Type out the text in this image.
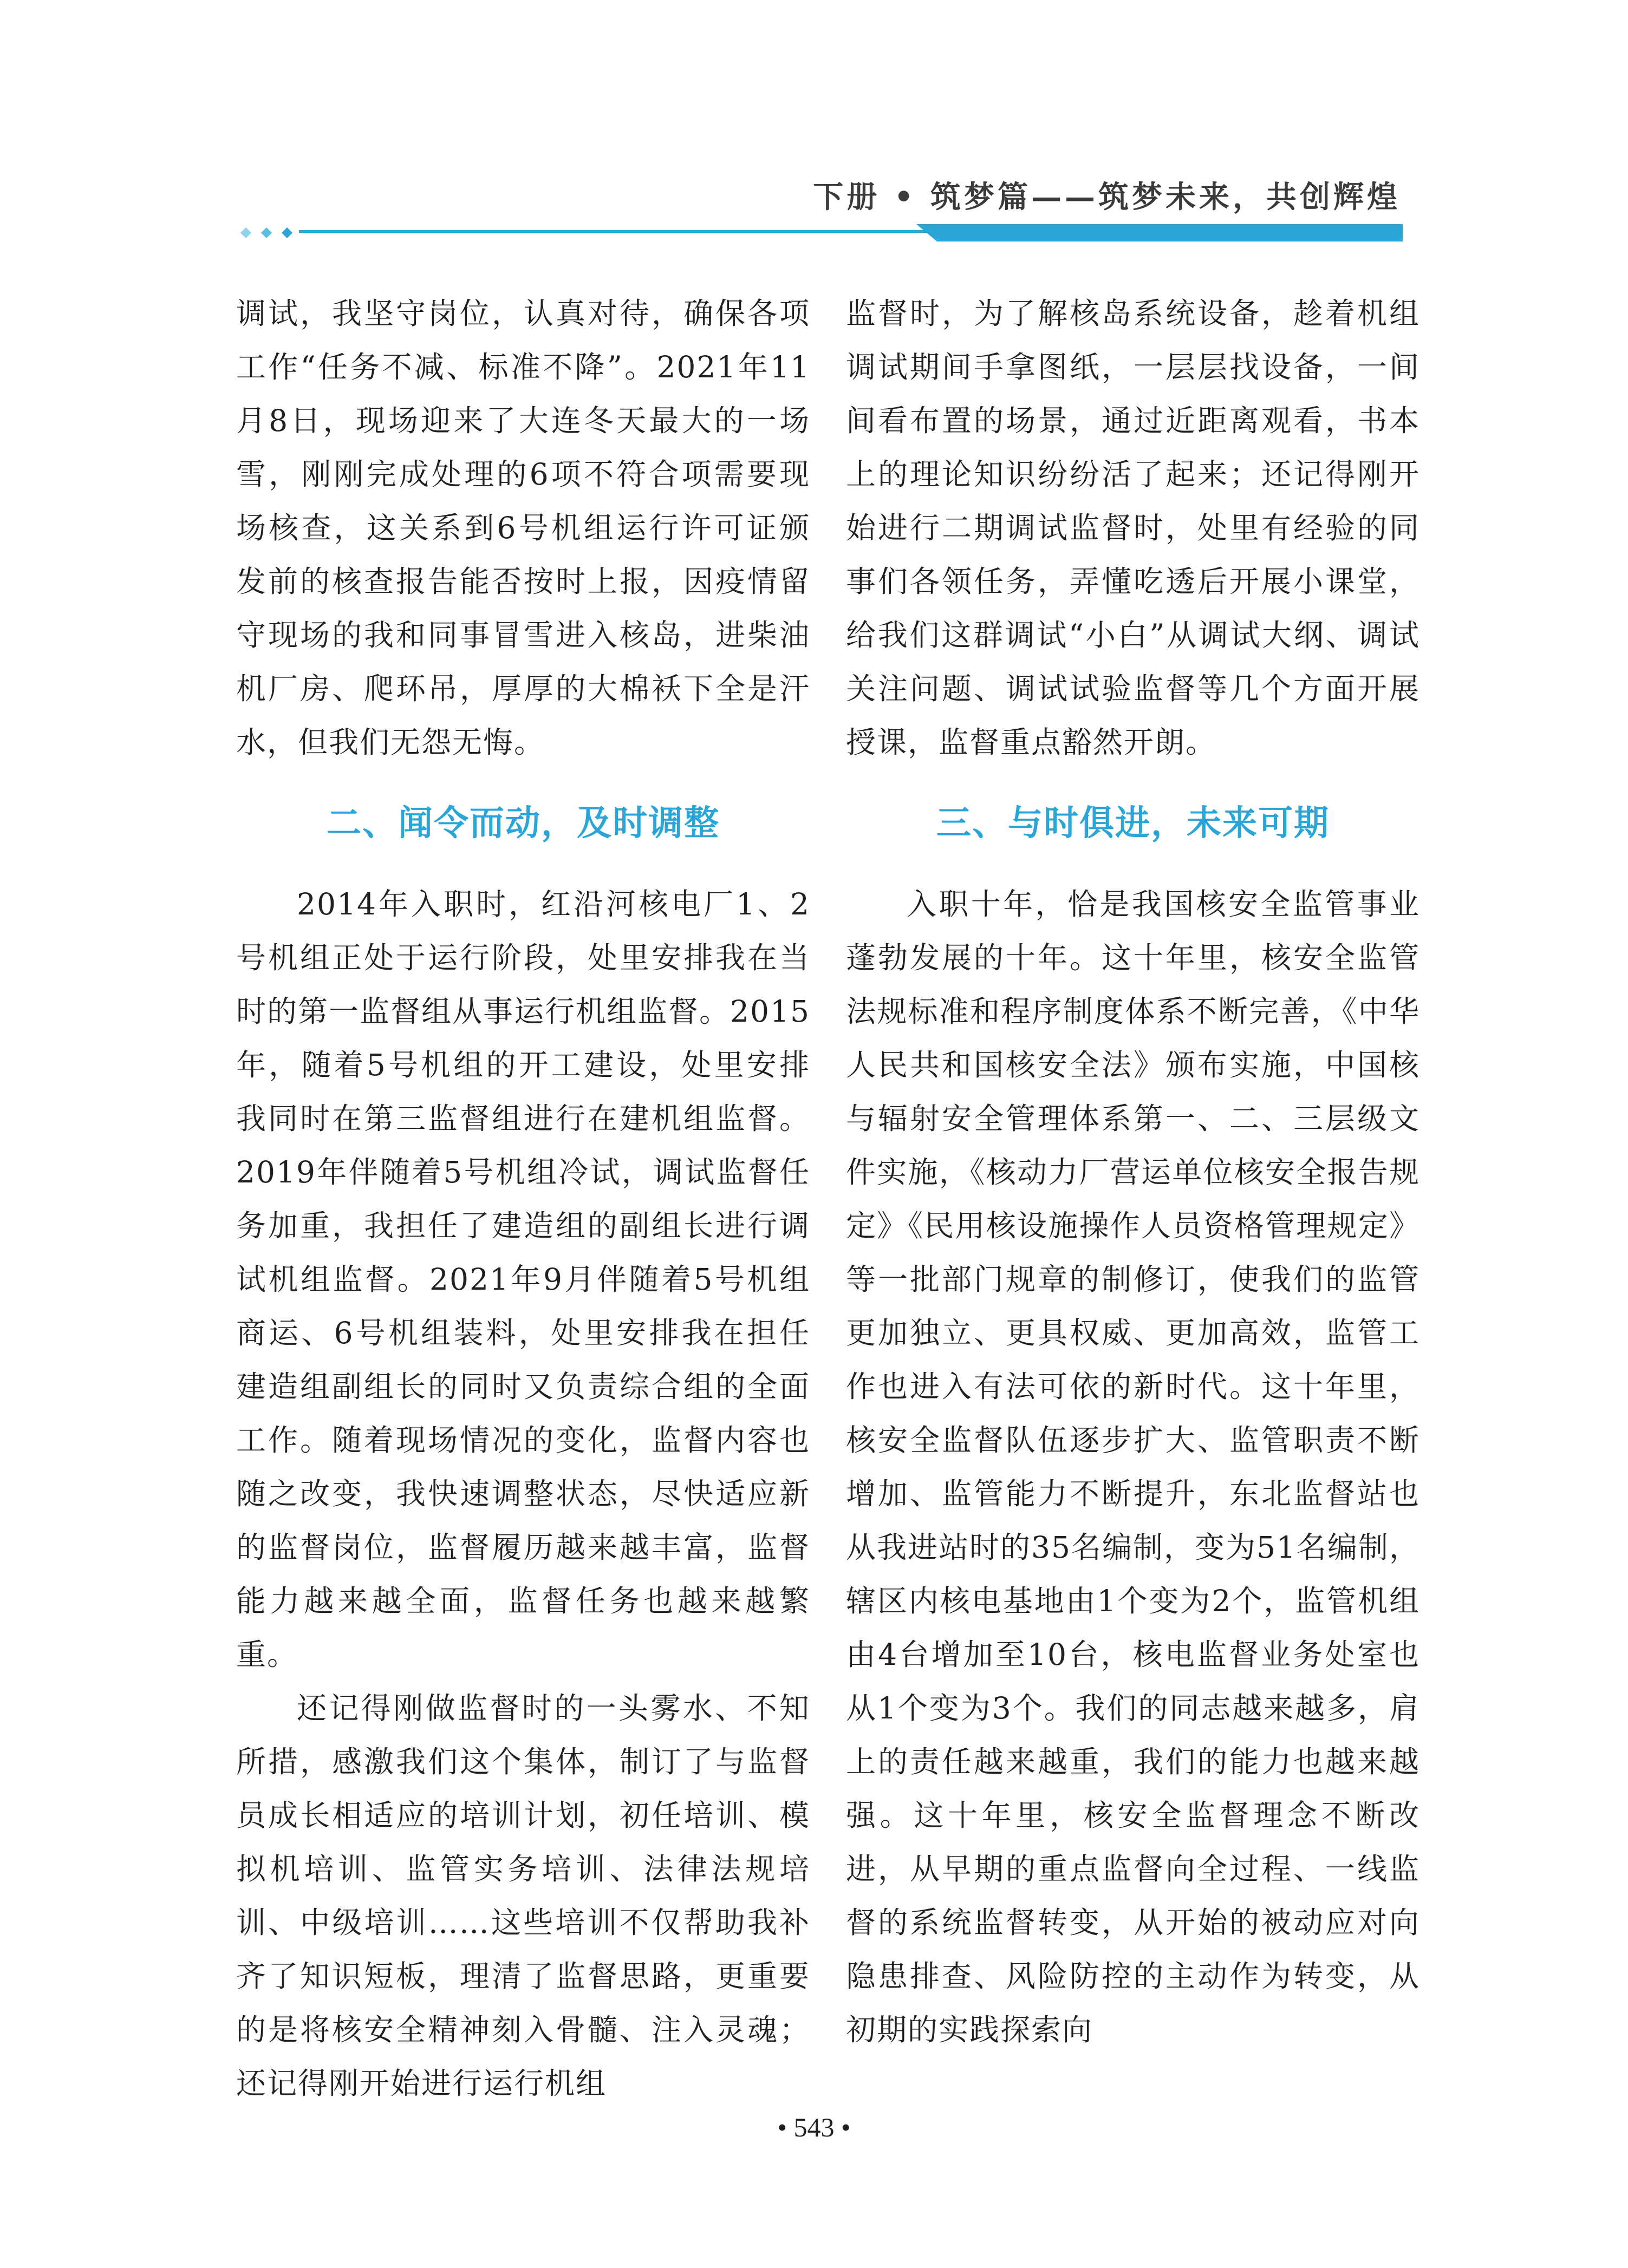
下册 • 筑梦篇——筑梦未来，共创辉煌

调试，我坚守岗位，认真对待，确保各项工作“任务不减、标准不降”。2021年11月8日，现场迎来了大连冬天最大的一场雪，刚刚完成处理的6项不符合项需要现场核查，这关系到6号机组运行许可证颁发前的核查报告能否按时上报，因疫情留守现场的我和同事冒雪进入核岛，进柴油机厂房、爬环吊，厚厚的大棉袄下全是汗水，但我们无怨无悔。

二、闻令而动，及时调整

2014年入职时，红沿河核电厂1、2号机组正处于运行阶段，处里安排我在当时的第一监督组从事运行机组监督。2015年，随着5号机组的开工建设，处里安排我同时在第三监督组进行在建机组监督。2019年伴随着5号机组冷试，调试监督任务加重，我担任了建造组的副组长进行调试机组监督。2021年9月伴随着5号机组商运、6号机组装料，处里安排我在担任建造组副组长的同时又负责综合组的全面工作。随着现场情况的变化，监督内容也随之改变，我快速调整状态，尽快适应新的监督岗位，监督履历越来越丰富，监督能力越来越全面，监督任务也越来越繁重。

还记得刚做监督时的一头雾水、不知所措，感激我们这个集体，制订了与监督员成长相适应的培训计划，初任培训、模拟机培训、监管实务培训、法律法规培训、中级培训……这些培训不仅帮助我补齐了知识短板，理清了监督思路，更重要的是将核安全精神刻入骨髓、注入灵魂；还记得刚开始进行运行机组

监督时，为了解核岛系统设备，趁着机组调试期间手拿图纸，一层层找设备，一间间看布置的场景，通过近距离观看，书本上的理论知识纷纷活了起来；还记得刚开始进行二期调试监督时，处里有经验的同事们各领任务，弄懂吃透后开展小课堂，给我们这群调试“小白”从调试大纲、调试关注问题、调试试验监督等几个方面开展授课，监督重点豁然开朗。

三、与时俱进，未来可期

入职十年，恰是我国核安全监管事业蓬勃发展的十年。这十年里，核安全监管法规标准和程序制度体系不断完善，《中华人民共和国核安全法》颁布实施，中国核与辐射安全管理体系第一、二、三层级文件实施，《核动力厂营运单位核安全报告规定》《民用核设施操作人员资格管理规定》等一批部门规章的制修订，使我们的监管更加独立、更具权威、更加高效，监管工作也进入有法可依的新时代。这十年里，核安全监督队伍逐步扩大、监管职责不断增加、监管能力不断提升，东北监督站也从我进站时的35名编制，变为51名编制，辖区内核电基地由1个变为2个，监管机组由4台增加至10台，核电监督业务处室也从1个变为3个。我们的同志越来越多，肩上的责任越来越重，我们的能力也越来越强。这十年里，核安全监督理念不断改进，从早期的重点监督向全过程、一线监督的系统监督转变，从开始的被动应对向隐患排查、风险防控的主动作为转变，从初期的实践探索向

• 543 •
